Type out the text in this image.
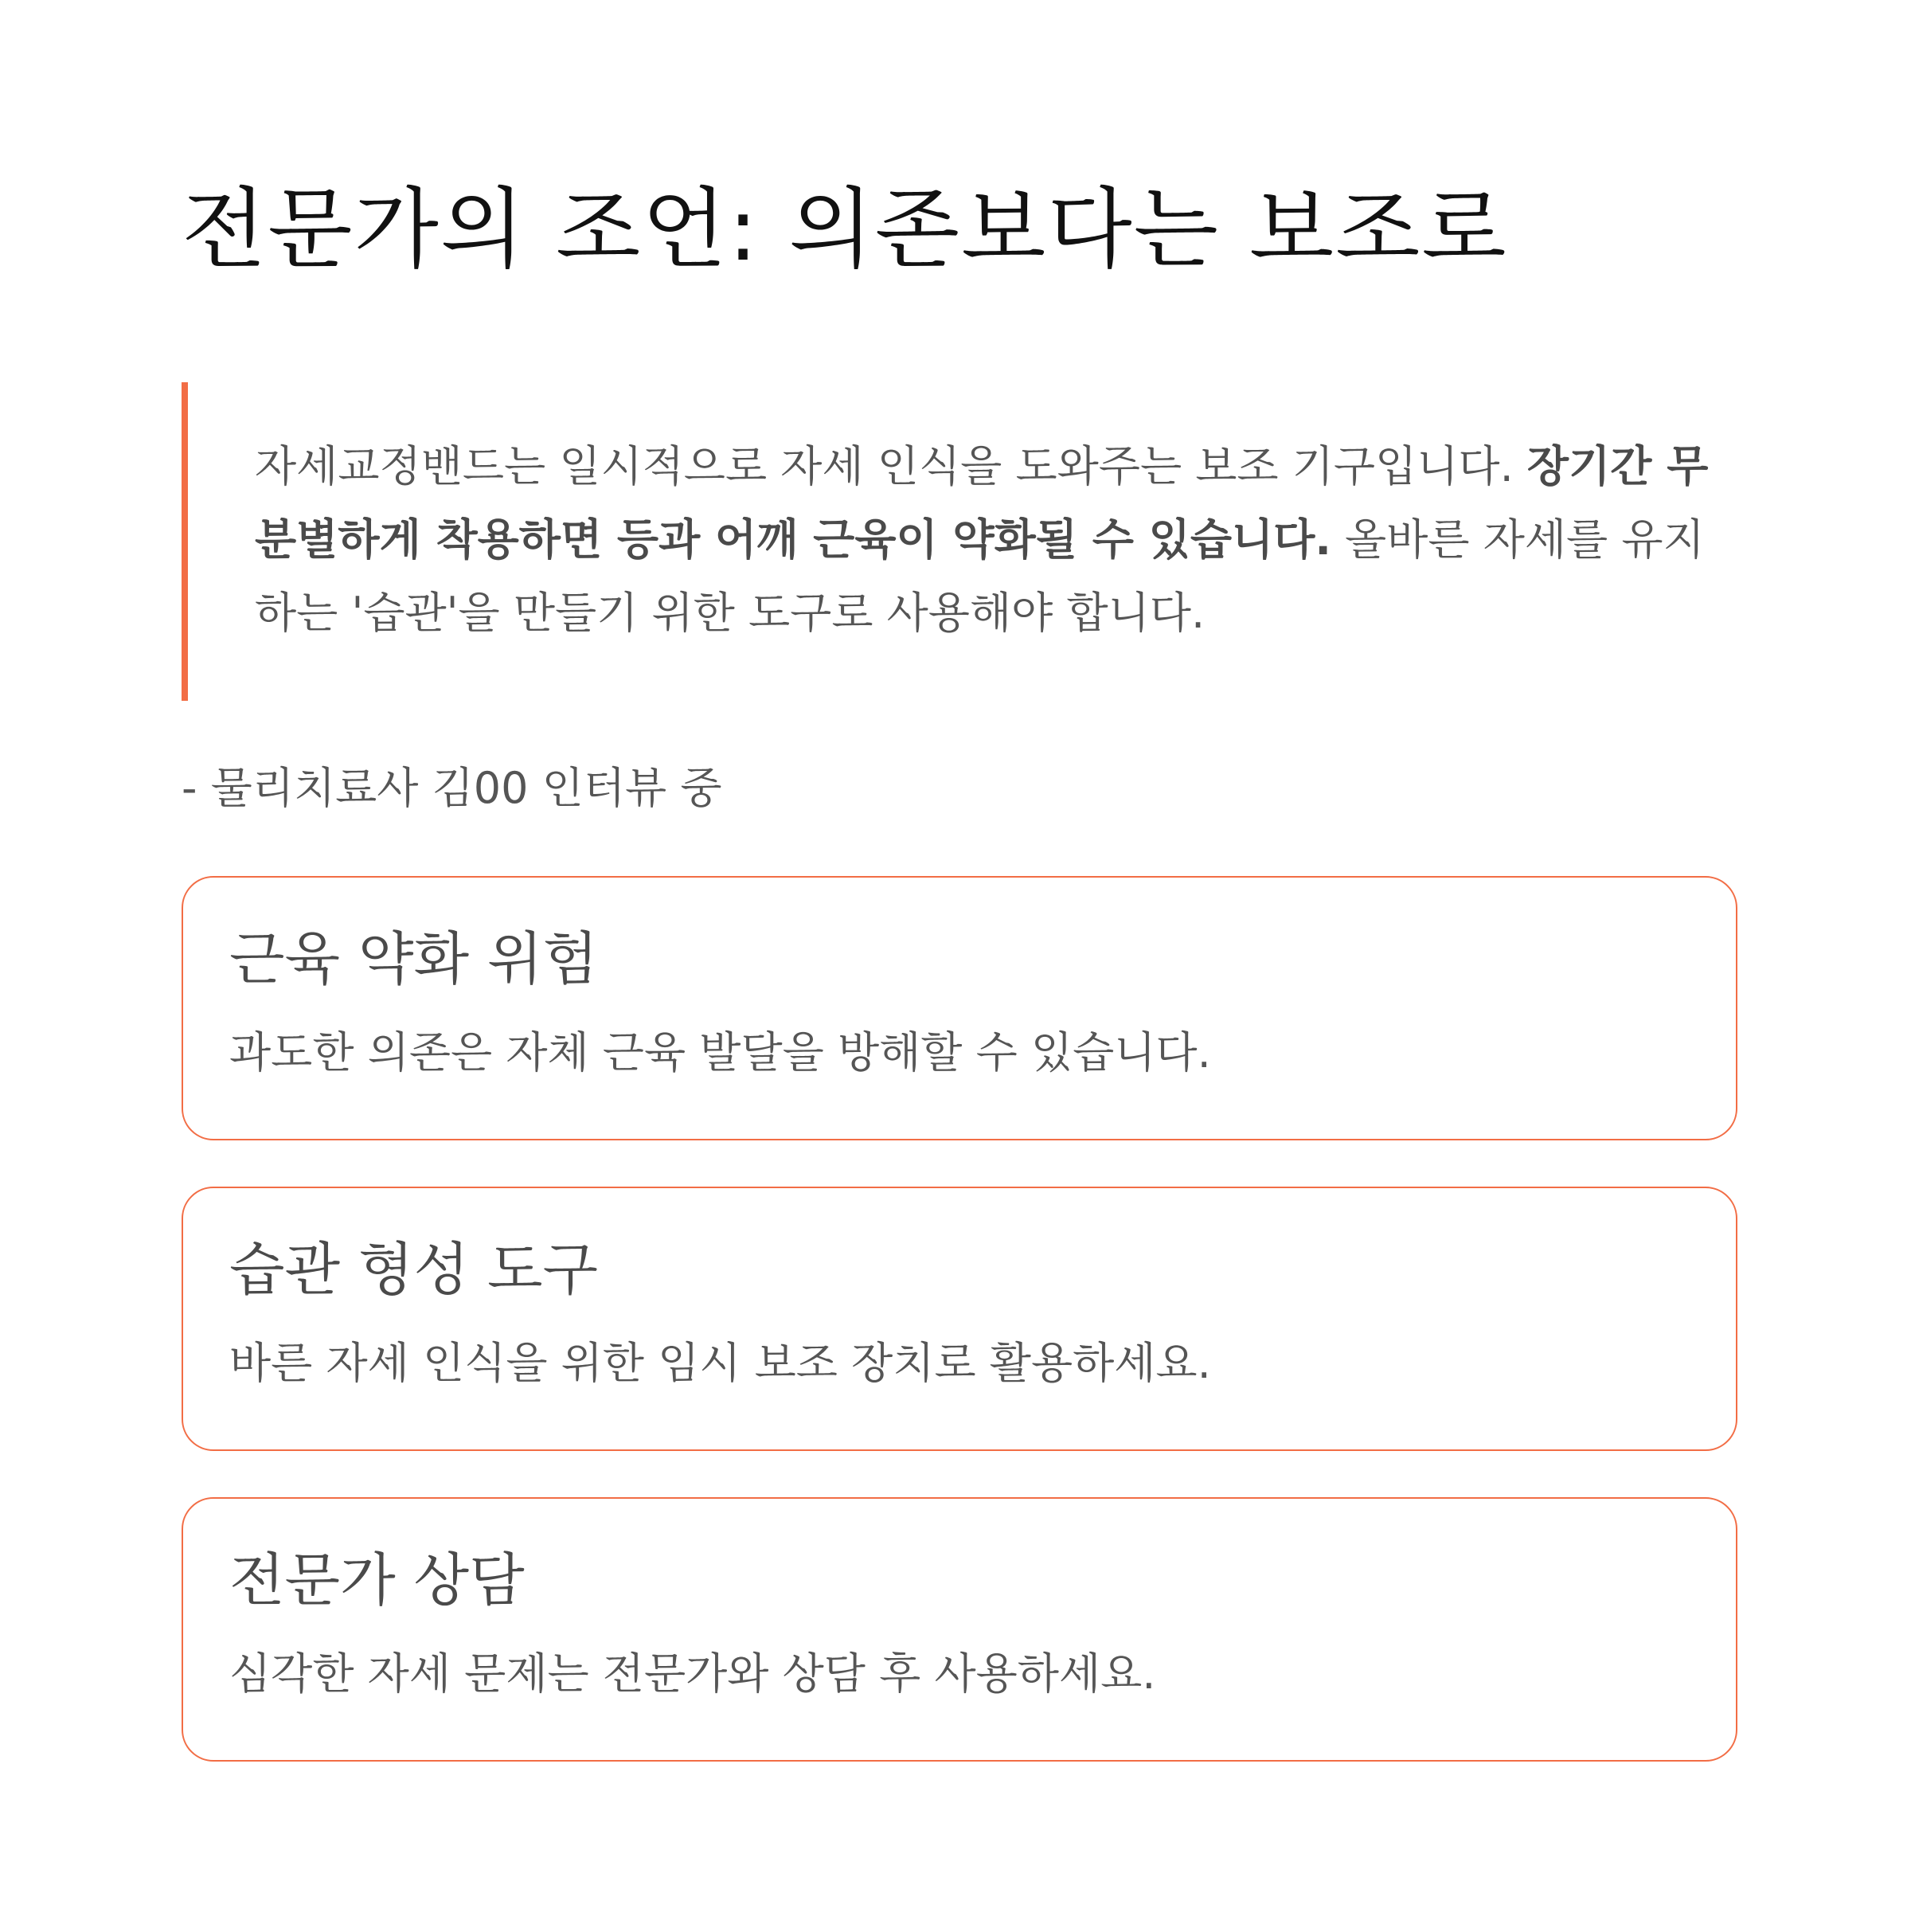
전문가의 조언: 의존보다는 보조로

자세교정밴드는 일시적으로 자세 인식을 도와주는 보조 기구입니다. 장기간 무분별하게 착용하면 등과 어깨 근육이 약화될 수 있습니다. 올바른 자세를 유지하는 '습관'을 만들기 위한 도구로 사용해야 합니다.

- 물리치료사 김00 인터뷰 중
근육 약화 위험
과도한 의존은 자체 근육 발달을 방해할 수 있습니다.
습관 형성 도구
바른 자세 인식을 위한 임시 보조 장치로 활용하세요.
전문가 상담
심각한 자세 문제는 전문가와 상담 후 사용하세요.
